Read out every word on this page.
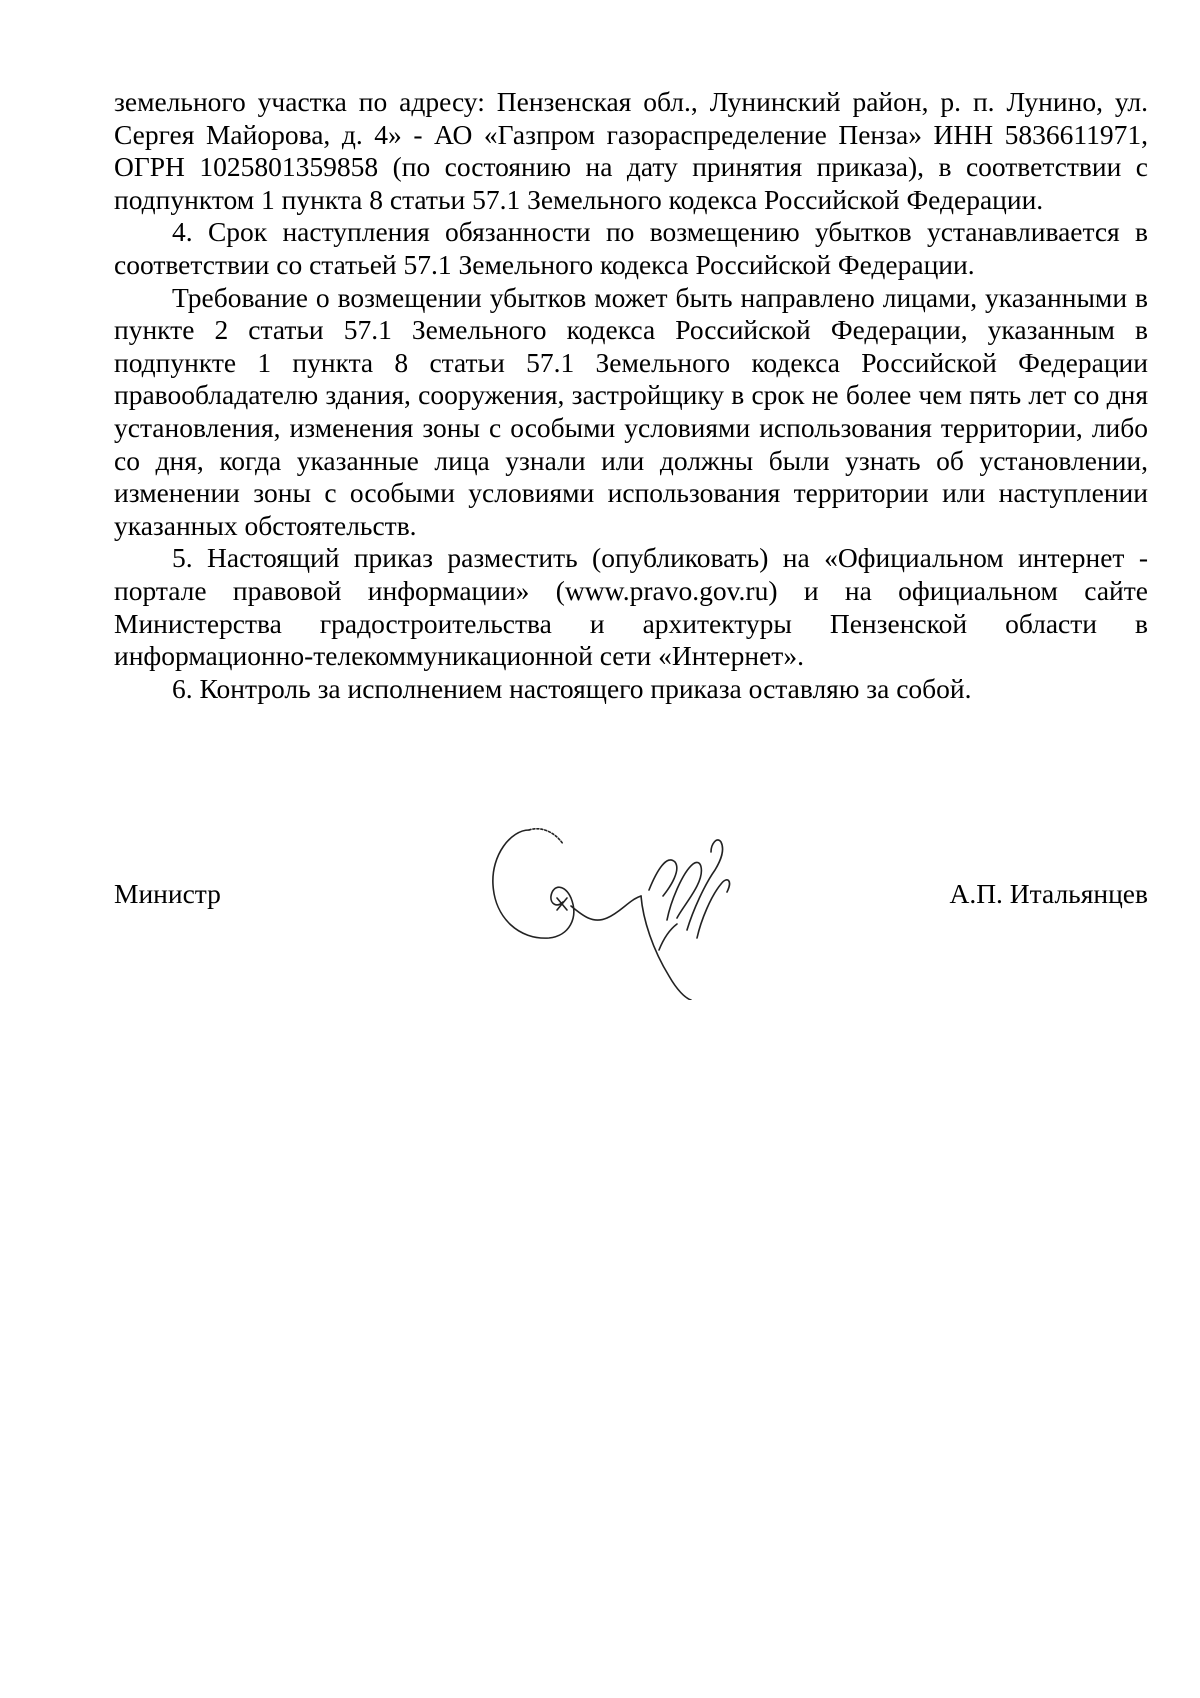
земельного участка по адресу: Пензенская обл., Лунинский район, р. п. Лунино, ул. Сергея Майорова, д. 4» - АО «Газпром газораспределение Пенза» ИНН 5836611971, ОГРН 1025801359858 (по состоянию на дату принятия приказа), в соответствии с подпунктом 1 пункта 8 статьи 57.1 Земельного кодекса Российской Федерации.

4. Срок наступления обязанности по возмещению убытков устанавливается в соответствии со статьей 57.1 Земельного кодекса Российской Федерации.

Требование о возмещении убытков может быть направлено лицами, указанными в пункте 2 статьи 57.1 Земельного кодекса Российской Федерации, указанным в подпункте 1 пункта 8 статьи 57.1 Земельного кодекса Российской Федерации правообладателю здания, сооружения, застройщику в срок не более чем пять лет со дня установления, изменения зоны с особыми условиями использования территории, либо со дня, когда указанные лица узнали или должны были узнать об установлении, изменении зоны с особыми условиями использования территории или наступлении указанных обстоятельств.

5. Настоящий приказ разместить (опубликовать) на «Официальном интернет - портале правовой информации» (www.pravo.gov.ru) и на официальном сайте Министерства градостроительства и архитектуры Пензенской области в информационно-телекоммуникационной сети «Интернет».

6. Контроль за исполнением настоящего приказа оставляю за собой.

Министр	А.П. Итальянцев
